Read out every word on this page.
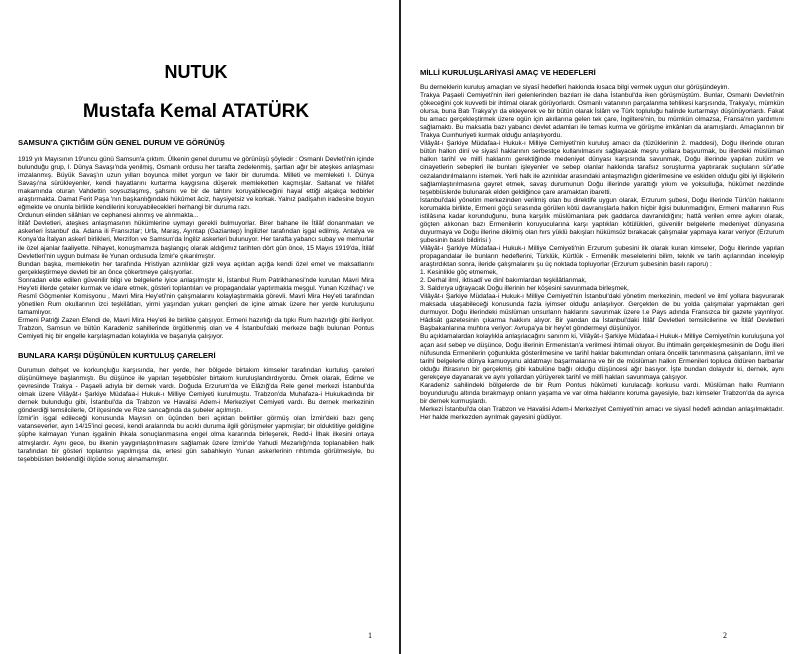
NUTUK

Mustafa Kemal ATATÜRK

SAMSUN'A ÇIKTIĞIM GÜN GENEL DURUM VE GÖRÜNÜŞ

1919 yılı Mayısının 19'uncu günü Samsun'a çıktım. Ülkenin genel durumu ve görünüşü şöyledir : Osmanlı Devleti'nin içinde bulunduğu grup, I. Dünya Savaşı'nda yenilmiş, Osmanlı ordusu her tarafta zedelenmiş, şartları ağır bir ateşkes anlaşması imzalanmış. Büyük Savaş'ın uzun yılları boyunca millet yorgun ve fakir bir durumda. Milleti ve memleketi I. Dünya Savaşı'na sürükleyenler, kendi hayatlarını kurtarma kaygısına düşerek memleketten kaçmışlar. Saltanat ve hilâfet makamında oturan Vahdettin soysuzlaşmış, şahsını ve bir de tahtını koruyabileceğini hayal ettiği alçakça tedbirler araştırmakta. Damat Ferit Paşa 'nın başkanlığındaki hükûmet âciz, haysiyetsiz ve korkak. Yalnız padişahın iradesine boyun eğmekte ve onunla birlikte kendilerini koruyabilecekleri herhangi bir duruma razı.

Ordunun elinden silâhları ve cephanesi alınmış ve alınmakta...

İtilâf Devletleri, ateşkes anlaşmasının hükümlerine uymayı gerekli bulmuyorlar. Birer bahane ile İtilâf donanmaları ve askerleri İstanbul' da. Adana ili Fransızlar; Urfa, Maraş, Ayıntap (Gaziantep) İngilizler tarafından işgal edilmiş. Antalya ve Konya'da İtalyan askerî birlikleri, Merzifon ve Samsun'da İngiliz askerleri bulunuyor. Her tarafta yabancı subay ve memurlar ile özel ajanlar faaliyette. Nihayet, konuşmamıza başlangıç olarak aldığımız tarihten dört gün önce, 15 Mayıs 1919'da, İtilâf Devletleri'nin uygun bulması ile Yunan ordusuda İzmir'e çıkarılmıştır.

Bundan başka, memleketin her tarafında Hristiyan azınlıklar gizli veya açıktan açığa kendi özel emel ve maksatlarını gerçekleştirmeye devleti bir an önce çökertmeye çalışıyorlar.

Sonradan elde edilen güvenilir bilgi ve belgelerle iyice anlaşılmıştır ki, İstanbul Rum Patrikhanesi'nde kurulan Mavri Mira Hey'eti illerde çeteler kurmak ve idare etmek, gösteri toplantıları ve propagandalar yaptırmakla meşgul. Yunan Kızılhaç'ı ve Resmî Göçmenler Komisyonu , Mavri Mira Hey'eti'nin çalışmalarını kolaylaştırmakla görevli. Mavri Mira Hey'eti tarafından yönetilen Rum okullarının izci teşkilâtları, yirmi yaşından yukarı gençleri de içine almak üzere her yerde kuruluşunu tamamlıyor.

Ermeni Patriği Zazen Efendi de, Mavri Mira Hey'eti ile birlikte çalışıyor. Ermeni hazırlığı da tıpkı Rum hazırlığı gibi ilerliyor. Trabzon, Samsun ve bütün Karadeniz sahillerinde örgütlenmiş olan ve 4 İstanbul'daki merkeze bağlı bulunan Pontus Cemiyeti hiç bir engelle karşılaşmadan kolaylıkla ve başarıyla çalışıyor.

BUNLARA KARŞI DÜŞÜNÜLEN KURTULUŞ ÇARELERİ

Durumun dehşet ve korkunçluğu karşısında, her yerde, her bölgede birtakım kimseler tarafından kurtuluş çareleri düşünülmeye başlanmıştı. Bu düşünce ile yapılan teşebbüsler birtakım kuruluşlandırdıyordu. Örnek olarak, Edirne ve çevresinde Trakya - Paşaeli adıyla bir dernek vardı. Doğuda Erzurum'da ve Elâzığ'da Rele genel merkezi İstanbul'da olmak üzere Vilâyât-ı Şarkiye Müdafaa-i Hukuk-ı Milliye Cemiyeti kurulmuştu. Trabzon'da Muhafaza-i Hukukadında bir dernek bulunduğu gibi, İstanbul'da da Trabzon ve Havalisi Adem-i Merkeziyet Cemiyeti vardı. Bu dernek merkezinin gönderdiği temsilcilerle, Of ilçesinde ve Rize sancağında da şubeler açılmıştı.

İzmir'in işgal edileceği konusunda Mayısın on üçünden beri açıktan belirtiler görmüş olan İzmir'deki bazı genç vatanseverler, ayın 14/15'inci gecesi, kendi aralarında bu acıklı duruma ilgili görüşmeler yapmışlar; bir olduktitiye geldiğine şüphe kalmayan Yunan işgalinin ihkala sonuçlanmasına engel olma kararında birleşerek, Redd-i İlhak ilkesini ortaya atmışlardır. Aynı gece, bu ilkenin yaygınlaştırılmasını sağlamak üzere İzmir'de Yahudi Mezarlığı'nda toplanabilen halk tarafından bir gösteri toplantısı yapılmışsa da, ertesi gün sabahleyin Yunan askerlerinin rıhtımda görülmesiyle, bu teşebbüsten beklendiği ölçüde sonuç alınamamıştır.

1

MİLLİ KURULUŞLARİYASİ AMAÇ VE HEDEFLERİ

Bu derneklerin kuruluş amaçları ve siyasî hedefleri hakkında kısaca bilgi vermek uygun olur görüşündeyim.

Trakya Paşaeli Cemiyeti'nin ileri gelenlerinden bazıları ile daha İstanbul'da iken görüşmüştüm. Bunlar, Osmanlı Devleti'nin çökeceğini çok kuvvetli bir ihtimal olarak görüyorlardı. Osmanlı vatanının parçalanma tehlikesi karşısında, Trakya'yı, mümkün olursa, buna Batı Trakya'yı da ekleyerek ve bir bütün olarak İslâm ve Türk topluluğu halinde kurtarmayı düşünüyorlardı. Fakat bu amacı gerçekleştirmek üzere ogün için akıllarına gelen tek çare, İngiltere'nin, bu mümkün olmazsa, Fransa'nın yardımını sağlamaktı. Bu maksatla bazı yabancı devlet adamları ile temas kurma ve görüşme imkânları da aramışlardı. Amaçlarının bir Trakya Cuınhuriyeti kurmak olduğu anlaşılıyordu.

Vilâyât-ı Şarkiye Müdafaa-i Hukuk-ı Milliye Cemiyeti'nin kuruluş amacı da (tüzüklerinin 2. maddesi), Doğu illerinde oturan bütün halkın dinî ve siyasî haklarının serbestçe kullanılmasını sağlayacak meşru yollara başvurmak, bu illerdeki müslüman halkın tarihî ve millî haklarını gerektiğinde medeniyet dünyası karşısında savunmak, Doğu illerinde yapılan zulüm ve cinayetlerin sebepleri ile bunları işleyenler ve sebep olanlar hakkında tarafsız soruşturma yaptırarak suçluların sür'atle cezalandırılmalarını istemek. Yerli halk ile azınlıklar arasındaki anlaşmazlığın giderilmesine ve eskiden olduğu gibi iyi ilişkilerin sağlamlaştırılmasına gayret etmek, savaş durumunun Doğu illerinde yarattığı yıkım ve yoksulluğa, hükûmet nezdinde teşebbüslerde bulunarak elden geldiğince çare aramaktan ibaretti.

İstanbul'daki yönetim merkezinden verilmiş olan bu direktife uygun olarak, Erzurum şubesi, Doğu illerinde Türk'ün haklarını korumakla birlikte, Ermeni göçü sırasında görülen kötü davranışlarla halkın hiçbir ilgisi bulunmadığını, Ermeni mallarının Rus istilâsına kadar korunduğunu, buna karşılık müslümanlara pek gaddarca davranıldığını; hattâ verilen emre aykırı olarak, göçten alıkonan bazı Ermenilerin koruyucularına karşı yaptıkları kötülükleri, güvenilir belgelerle medeniyet dünyasına duyurmaya ve Doğu illerine dikilmiş olan hırs yüklü bakışları hükümsüz bırakacak çalışmalar yapmaya karar veriyor (Erzurum şubesinin basılı bildirisi )

Vilâyât-ı Şarkiye Müdafaa-i Hukuk-ı Milliye Cemiyeti'nin Erzurum şubesini ilk olarak kuran kimseler, Doğu illerinde yapılan propagandalar ile bunların hedeflerini, Türklük, Kürtlük - Ermenilik meselelerini bilim, teknik ve tarih açılarından inceleyip araştırdıktan sonra, ileride çalışmalarını şu üç noktada topluyorlar (Erzurum şubesinin basılı raporu) :

1. Kesinlikle göç etmemek,

2. Derhal ilmî, iktisadî ve dinî bakımlardan teşkilâtlanmak,

3. Saldırıya uğrayacak Doğu illerinin her köşesini savunmada birleşmek,

Vilâyât-ı Şarkiye Müdafaa-i Hukuk-ı Milliye Cemiyeti'nin İstanbul'daki yönetim merkezinin, medenî ve ilmî yollara başvurarak maksada ulaşabileceği konusunda fazla iyimser olduğu anlaşılıyor. Gerçekten de bu yolda çalışmalar yapmaktan geri durmuyor. Doğu illerindeki müslüman unsurların haklarını savunmak üzere I.e Pays adında Fransızca bir gazete yayınlıyor. Hâdisât gazetesinin çıkarma hakkını alıyor. Bir yandan da İstanbul'daki İtilâf Devletleri temsilcilerine ve İtilâf Devletleri Başbakanlarına muhtıra veriyor: Avrupa'ya bir hey'et göndermeyi düşünüyor.

Bu açıklamalardan kolaylıkla anlaşılacağını sanırım ki, Vilâyât-ı Şarkiye Müdafaa-i Hukuk-ı Milliye Cemiyeti'nin kuruluşuna yol açan asıl sebep ve düşünce, Doğu illerinin Ermenistan'a verilmesi ihtimali oluyor. Bu ihtimalin gerçekleşmesinin de Doğu illeri nüfusunda Ermenilerin çoğunlukta gösterilmesine ve tarihî haklar bakımından onlara öncelik tanınmasına çalışanların, ilmî ve tarihî belgelerle dünya kamuoyunu aldatmayı başarmalarına ve bir de müslüman halkın Ermenileri topluca öldüren barbarlar olduğu iftirasının bir gerçekmiş gibi kabulüne bağlı olduğu düşüncesi ağır basıyor. İşte bundan dolayıdır ki, dernek, aynı gerekçeye dayanarak ve aynı yollardan yürüyerek tarihî ve millî hakları savunmaya çalışıyor.

Karadeniz sahilindeki bölgelerde de bir Rum Pontus hükûmeti kurulacağı korkusu vardı. Müslüman halkı Rumların boyunduruğu altında bırakmayıp onların yaşama ve var olma haklarını koruma gayesiyle, bazı kimseler Trabzon'da da ayrıca bir dernek kurmuşlardı.

Merkezi İstanbul'da olan Trabzon ve Havalisi Adem-i Merkeziyet Cemiyeti'nin amacı ve siyasî hedefi adından anlaşılmaktadır. Her halde merkezden ayrılmak gayesini güdüyor.

2
